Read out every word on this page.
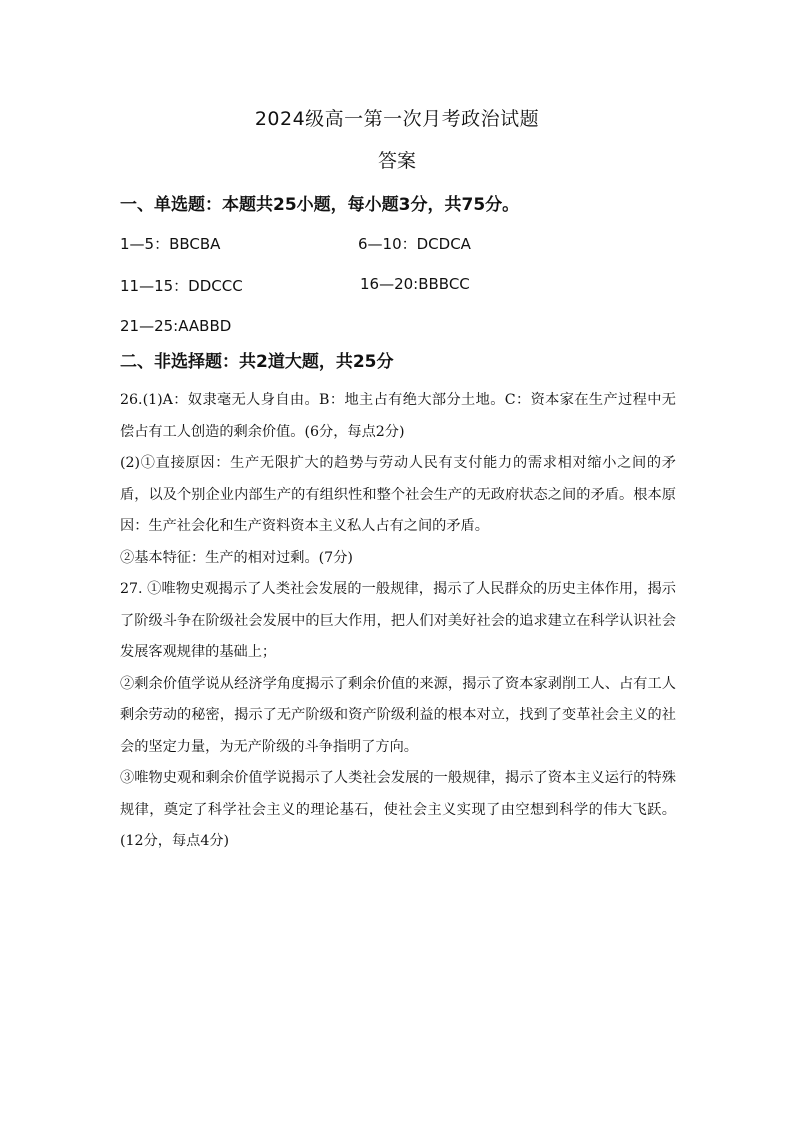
2024级高一第一次月考政治试题
答案
一、单选题：本题共25小题，每小题3分，共75分。
1—5：BBCBA	6—10：DCDCA
11—15：DDCCC	16—20:BBBCC
21—25:AABBD
二、非选择题：共2道大题，共25分

26.(1)A：奴隶毫无人身自由。B：地主占有绝大部分土地。C：资本家在生产过程中无偿占有工人创造的剩余价值。(6分，每点2分)

(2)①直接原因：生产无限扩大的趋势与劳动人民有支付能力的需求相对缩小之间的矛盾，以及个别企业内部生产的有组织性和整个社会生产的无政府状态之间的矛盾。根本原因：生产社会化和生产资料资本主义私人占有之间的矛盾。

②基本特征：生产的相对过剩。(7分)

27. ①唯物史观揭示了人类社会发展的一般规律，揭示了人民群众的历史主体作用，揭示了阶级斗争在阶级社会发展中的巨大作用，把人们对美好社会的追求建立在科学认识社会发展客观规律的基础上；

②剩余价值学说从经济学角度揭示了剩余价值的来源，揭示了资本家剥削工人、占有工人剩余劳动的秘密，揭示了无产阶级和资产阶级利益的根本对立，找到了变革社会主义的社会的坚定力量，为无产阶级的斗争指明了方向。

③唯物史观和剩余价值学说揭示了人类社会发展的一般规律，揭示了资本主义运行的特殊规律，奠定了科学社会主义的理论基石，使社会主义实现了由空想到科学的伟大飞跃。(12分，每点4分)
